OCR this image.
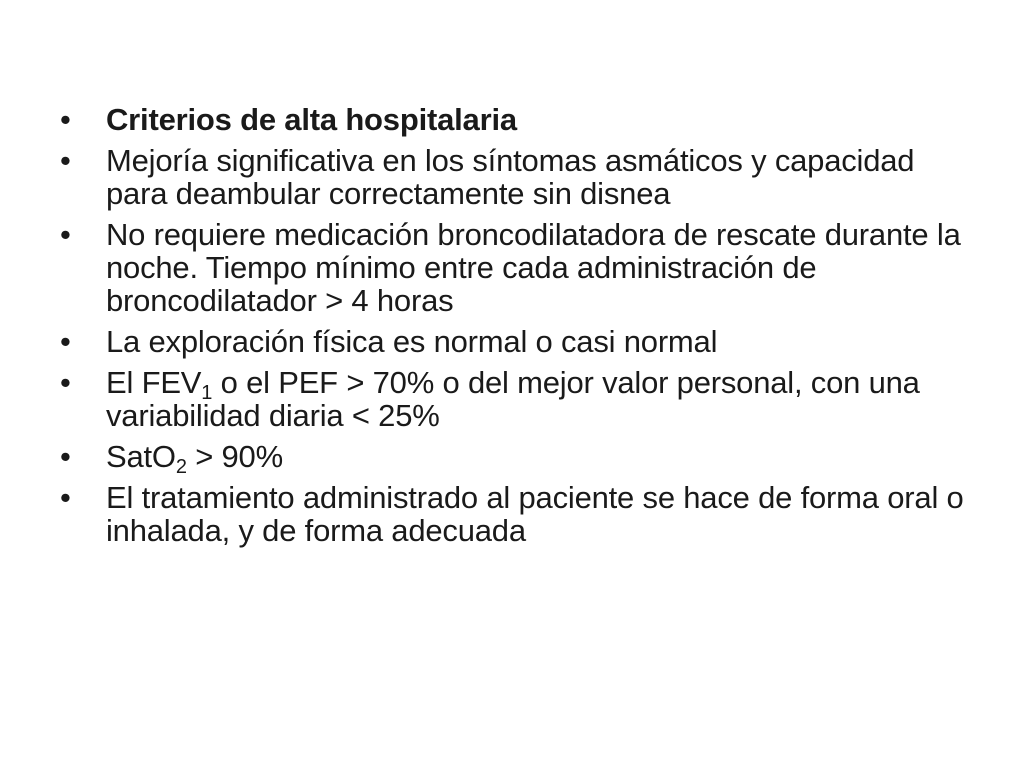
• Criterios de alta hospitalaria
• Mejoría significativa en los síntomas asmáticos y capacidad para deambular correctamente sin disnea
• No requiere medicación broncodilatadora de rescate durante la noche. Tiempo mínimo entre cada administración de broncodilatador > 4 horas
• La exploración física es normal o casi normal
• El $FEV_1$ o el PEF > 70% o del mejor valor personal, con una variabilidad diaria < 25%
• SatO$_2$ > 90%
• El tratamiento administrado al paciente se hace de forma oral o inhalada, y de forma adecuada
